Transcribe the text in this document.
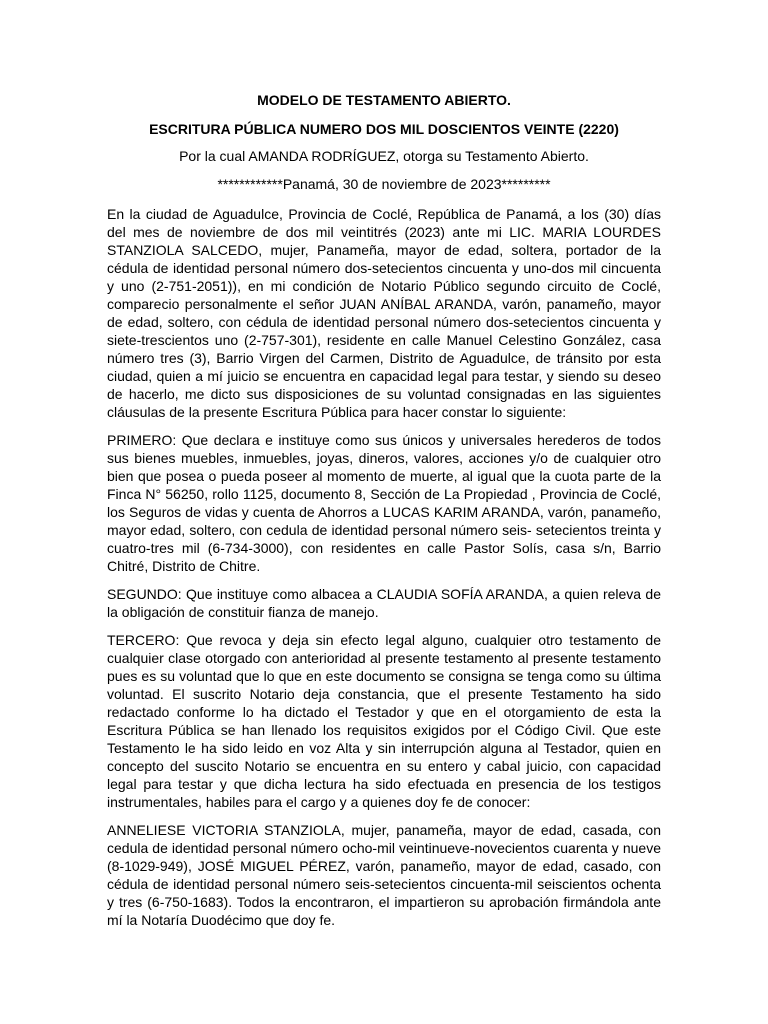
MODELO DE TESTAMENTO ABIERTO.

ESCRITURA PÚBLICA NUMERO DOS MIL DOSCIENTOS VEINTE (2220)

Por la cual AMANDA RODRÍGUEZ, otorga su Testamento Abierto.

************Panamá, 30 de noviembre de 2023*********

En la ciudad de Aguadulce, Provincia de Coclé, República de Panamá, a los (30) días del mes de noviembre de dos mil veintitrés (2023) ante mi LIC. MARIA LOURDES STANZIOLA SALCEDO, mujer, Panameña, mayor de edad, soltera, portador de la cédula de identidad personal número dos-setecientos cincuenta y uno-dos mil cincuenta y uno (2-751-2051)), en mi condición de Notario Público segundo circuito de Coclé, comparecio personalmente el señor JUAN ANÍBAL ARANDA, varón, panameño, mayor de edad, soltero, con cédula de identidad personal número dos-setecientos cincuenta y siete-trescientos uno (2-757-301), residente en calle Manuel Celestino González, casa número tres (3), Barrio Virgen del Carmen, Distrito de Aguadulce, de tránsito por esta ciudad, quien a mí juicio se encuentra en capacidad legal para testar, y siendo su deseo de hacerlo, me dicto sus disposiciones de su voluntad consignadas en las siguientes cláusulas de la presente Escritura Pública para hacer constar lo siguiente:

PRIMERO: Que declara e instituye como sus únicos y universales herederos de todos sus bienes muebles, inmuebles, joyas, dineros, valores, acciones y/o de cualquier otro bien que posea o pueda poseer al momento de muerte, al igual que la cuota parte de la Finca N° 56250, rollo 1125, documento 8, Sección de La Propiedad , Provincia de Coclé, los Seguros de vidas y cuenta de Ahorros a LUCAS KARIM ARANDA, varón, panameño, mayor edad, soltero, con cedula de identidad personal número seis- setecientos treinta y cuatro-tres mil (6-734-3000), con residentes en calle Pastor Solís, casa s/n, Barrio Chitré, Distrito de Chitre.

SEGUNDO: Que instituye como albacea a CLAUDIA SOFÍA ARANDA, a quien releva de la obligación de constituir fianza de manejo.

TERCERO: Que revoca y deja sin efecto legal alguno, cualquier otro testamento de cualquier clase otorgado con anterioridad al presente testamento al presente testamento pues es su voluntad que lo que en este documento se consigna se tenga como su última voluntad. El suscrito Notario deja constancia, que el presente Testamento ha sido redactado conforme lo ha dictado el Testador y que en el otorgamiento de esta la Escritura Pública se han llenado los requisitos exigidos por el Código Civil. Que este Testamento le ha sido leido en voz Alta y sin interrupción alguna al Testador, quien en concepto del suscito Notario se encuentra en su entero y cabal juicio, con capacidad legal para testar y que dicha lectura ha sido efectuada en presencia de los testigos instrumentales, habiles para el cargo y a quienes doy fe de conocer:

ANNELIESE VICTORIA STANZIOLA, mujer, panameña, mayor de edad, casada, con cedula de identidad personal número ocho-mil veintinueve-novecientos cuarenta y nueve (8-1029-949), JOSÉ MIGUEL PÉREZ, varón, panameño, mayor de edad, casado, con cédula de identidad personal número seis-setecientos cincuenta-mil seiscientos ochenta y tres (6-750-1683). Todos la encontraron, el impartieron su aprobación firmándola ante mí la Notaría Duodécimo que doy fe.
